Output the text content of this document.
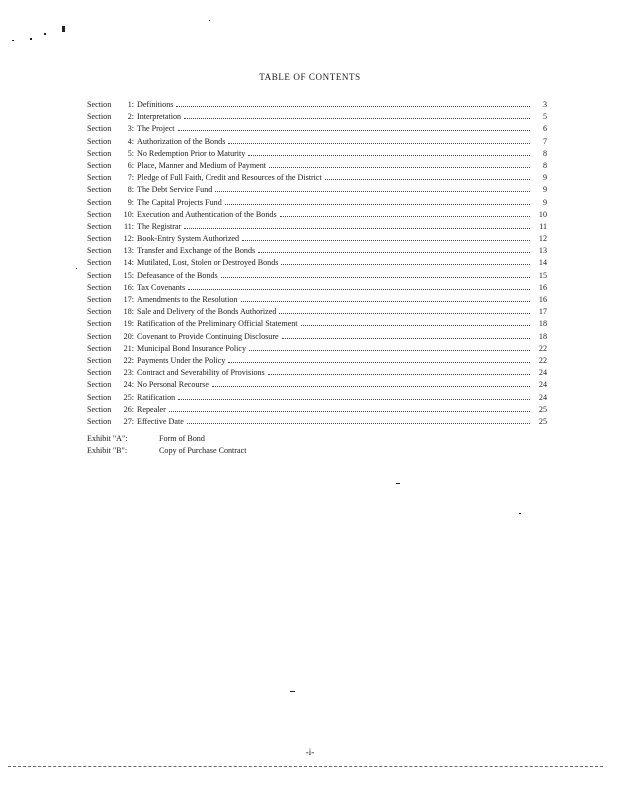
TABLE OF CONTENTS
Section	1: Definitions	3
Section	2: Interpretation	5
Section	3: The Project	6
Section	4: Authorization of the Bonds	7
Section	5: No Redemption Prior to Maturity	8
Section	6: Place, Manner and Medium of Payment	8
Section	7: Pledge of Full Faith, Credit and Resources of the District	9
Section	8: The Debt Service Fund	9
Section	9: The Capital Projects Fund	9
Section	10: Execution and Authentication of the Bonds	10
Section	11: The Registrar	11
Section	12: Book-Entry System Authorized	12
Section	13: Transfer and Exchange of the Bonds	13
Section	14: Mutilated, Lost, Stolen or Destroyed Bonds	14
Section	15: Defeasance of the Bonds	15
Section	16: Tax Covenants	16
Section	17: Amendments to the Resolution	16
Section	18: Sale and Delivery of the Bonds Authorized	17
Section	19: Ratification of the Preliminary Official Statement	18
Section	20: Covenant to Provide Continuing Disclosure	18
Section	21: Municipal Bond Insurance Policy	22
Section	22: Payments Under the Policy	22
Section	23: Contract and Severability of Provisions	24
Section	24: No Personal Recourse	24
Section	25: Ratification	24
Section	26: Repealer	25
Section	27: Effective Date	25
Exhibit "A":	Form of Bond
Exhibit "B":	Copy of Purchase Contract
-i-
